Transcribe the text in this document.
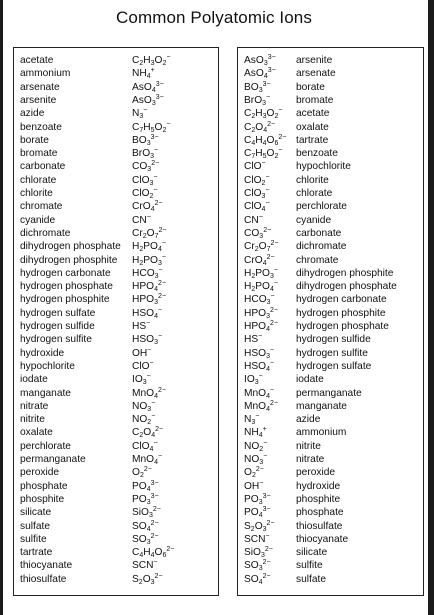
Common Polyatomic Ions
acetate	$C_2H_3O_2^-$
ammonium	$NH_4^+$
arsenate	AsO$_4^{3-}$
arsenite	AsO$_3^{3-}$
azide	$N_3^-$
benzoate	$C_7H_5O_2^-$
borate	$BO_3^{3-}$
bromate	BrO$_3$−
carbonate	$CO_3^{2-}$
chlorate	ClO$_3$−
chlorite	ClO$_2$−
chromate	CrO$_4^{2-}$
cyanide	CN−
dichromate	$Cr_2O_7^{2-}$
dihydrogen phosphate $H_2PO_4^-$
dihydrogen phosphite $H_2PO_3^-$
hydrogen carbonate $HCO_3^-$
hydrogen phosphate $HPO_4^{2-}$
hydrogen phosphite $HPO_3^{2-}$
hydrogen sulfate	$HSO_4^-$
hydrogen sulfide	HS−
hydrogen sulfite	$HSO_3^-$
hydroxide	OH−
hypochlorite	ClO−
iodate	$IO_3^-$
manganate	MnO$_4^{2-}$
nitrate	$NO_3^-$
nitrite	$NO_2^-$
oxalate	$C_2O_4^{2-}$
perchlorate	ClO$_4$−
permanganate	MnO$_4$−
peroxide	$O_2^{2-}$
phosphate	$PO_4^{3-}$
phosphite	$PO_3^{3-}$
silicate	SiO$_3^{2-}$
sulfate	$SO_4^{2-}$
sulfite	$SO_3^{2-}$
tartrate	$C_4H_4O_6^{2-}$
thiocyanate	SCN−
thiosulfate	$S_2O_3^{2-}$
AsO$_3^{3-}$ arsenite
AsO$_4^{3-}$ arsenate
$BO_3^{3-}$ borate
BrO$_3$−	bromate
$C_2H_3O_2^-$ acetate
$C_2O_4^{2-}$ oxalate
$C_4H_4O_6^{2-}$ tartrate
$C_7H_5O_2^-$ benzoate
ClO−	hypochlorite
ClO$_2$−	chlorite
ClO$_3$−	chlorate
ClO$_4$−	perchlorate
CN−	cyanide
$CO_3^{2-}$ carbonate
$Cr_2O_7^{2-}$ dichromate
CrO$_4^{2-}$ chromate
$H_2PO_3^-$ dihydrogen phosphite
$H_2PO_4^-$ dihydrogen phosphate
$HCO_3^-$ hydrogen carbonate
$HPO_3^{2-}$ hydrogen phosphite
$HPO_4^{2-}$ hydrogen phosphate
HS−	hydrogen sulfide
$HSO_3^-$ hydrogen sulfite
$HSO_4^-$ hydrogen sulfate
$IO_3^-$	iodate
MnO$_4$− permanganate
MnO$_4^{2-}$ manganate
$N_3^-$	azide
$NH_4^+$	ammonium
$NO_2^-$	nitrite
$NO_3^-$	nitrate
$O_2^{2-}$	peroxide
OH−	hydroxide
$PO_3^{3-}$ phosphite
$PO_4^{3-}$ phosphate
$S_2O_3^{2-}$ thiosulfate
SCN−	thiocyanate
SiO$_3^{2-}$ silicate
$SO_3^{2-}$ sulfite
$SO_4^{2-}$ sulfate
